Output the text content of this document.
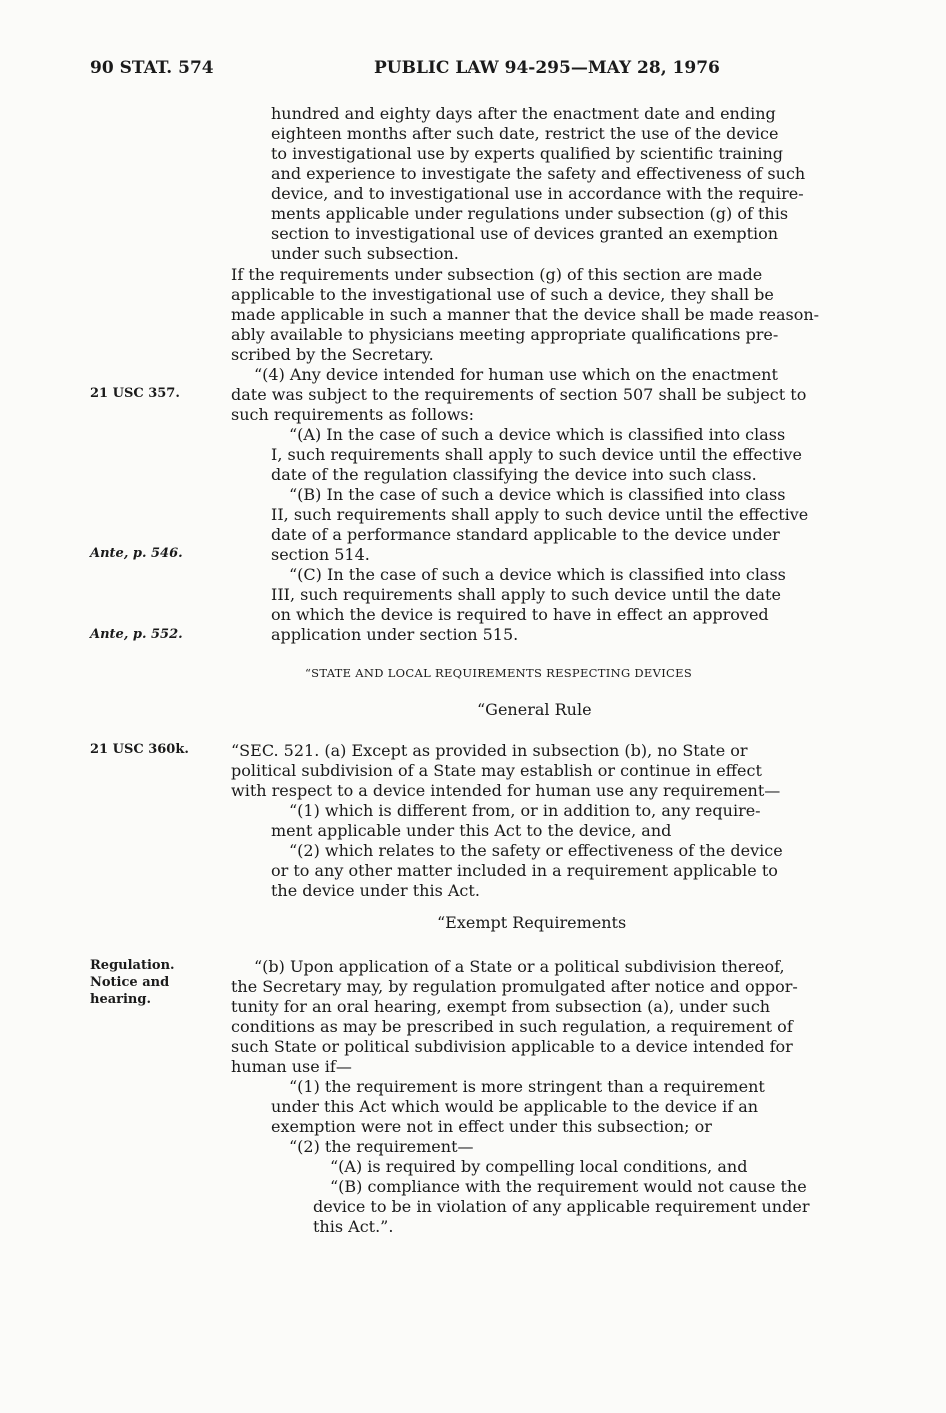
90 STAT. 574	PUBLIC LAW 94-295—MAY 28, 1976
21 USC 357.
Ante, p. 546.
Ante, p. 552.
21 USC 360k.
Regulation.
Notice and
hearing.
hundred and eighty days after the enactment date and ending
eighteen months after such date, restrict the use of the device
to investigational use by experts qualified by scientific training
and experience to investigate the safety and effectiveness of such
device, and to investigational use in accordance with the require-
ments applicable under regulations under subsection (g) of this
section to investigational use of devices granted an exemption
under such subsection.
If the requirements under subsection (g) of this section are made
applicable to the investigational use of such a device, they shall be
made applicable in such a manner that the device shall be made reason-
ably available to physicians meeting appropriate qualifications pre-
scribed by the Secretary.
“(4) Any device intended for human use which on the enactment
date was subject to the requirements of section 507 shall be subject to
such requirements as follows:
“(A) In the case of such a device which is classified into class
I, such requirements shall apply to such device until the effective
date of the regulation classifying the device into such class.
“(B) In the case of such a device which is classified into class
II, such requirements shall apply to such device until the effective
date of a performance standard applicable to the device under
section 514.
“(C) In the case of such a device which is classified into class
III, such requirements shall apply to such device until the date
on which the device is required to have in effect an approved
application under section 515.
“STATE AND LOCAL REQUIREMENTS RESPECTING DEVICES
“General Rule
“SEC. 521. (a) Except as provided in subsection (b), no State or
political subdivision of a State may establish or continue in effect
with respect to a device intended for human use any requirement—
“(1) which is different from, or in addition to, any require-
ment applicable under this Act to the device, and
“(2) which relates to the safety or effectiveness of the device
or to any other matter included in a requirement applicable to
the device under this Act.
“Exempt Requirements
“(b) Upon application of a State or a political subdivision thereof,
the Secretary may, by regulation promulgated after notice and oppor-
tunity for an oral hearing, exempt from subsection (a), under such
conditions as may be prescribed in such regulation, a requirement of
such State or political subdivision applicable to a device intended for
human use if—
“(1) the requirement is more stringent than a requirement
under this Act which would be applicable to the device if an
exemption were not in effect under this subsection; or
“(2) the requirement—
“(A) is required by compelling local conditions, and
“(B) compliance with the requirement would not cause the
device to be in violation of any applicable requirement under
this Act.”.
